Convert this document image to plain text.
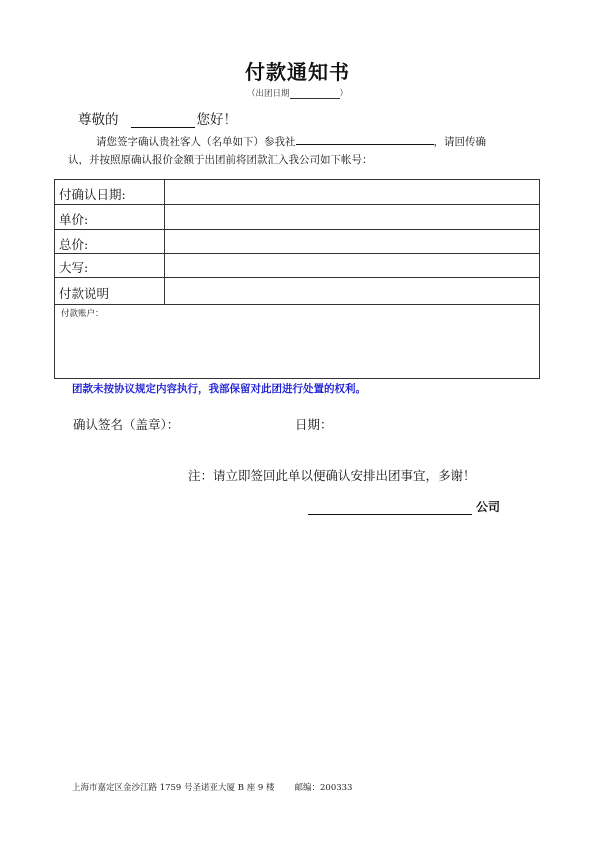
付款通知书
（出团日期	）
尊敬的	您好！
请您签字确认贵社客人（名单如下）参我社	，请回传确
认，并按照原确认报价金额于出团前将团款汇入我公司如下帐号：
付确认日期:
单价:
总价:
大写:
付款说明
付款账户：
团款未按协议规定内容执行，我部保留对此团进行处置的权利。
确认签名（盖章）：	日期：
注：请立即签回此单以便确认安排出团事宜，多谢！
公司
上海市嘉定区金沙江路 1759 号圣诺亚大厦 B 座 9 楼 邮编：200333
